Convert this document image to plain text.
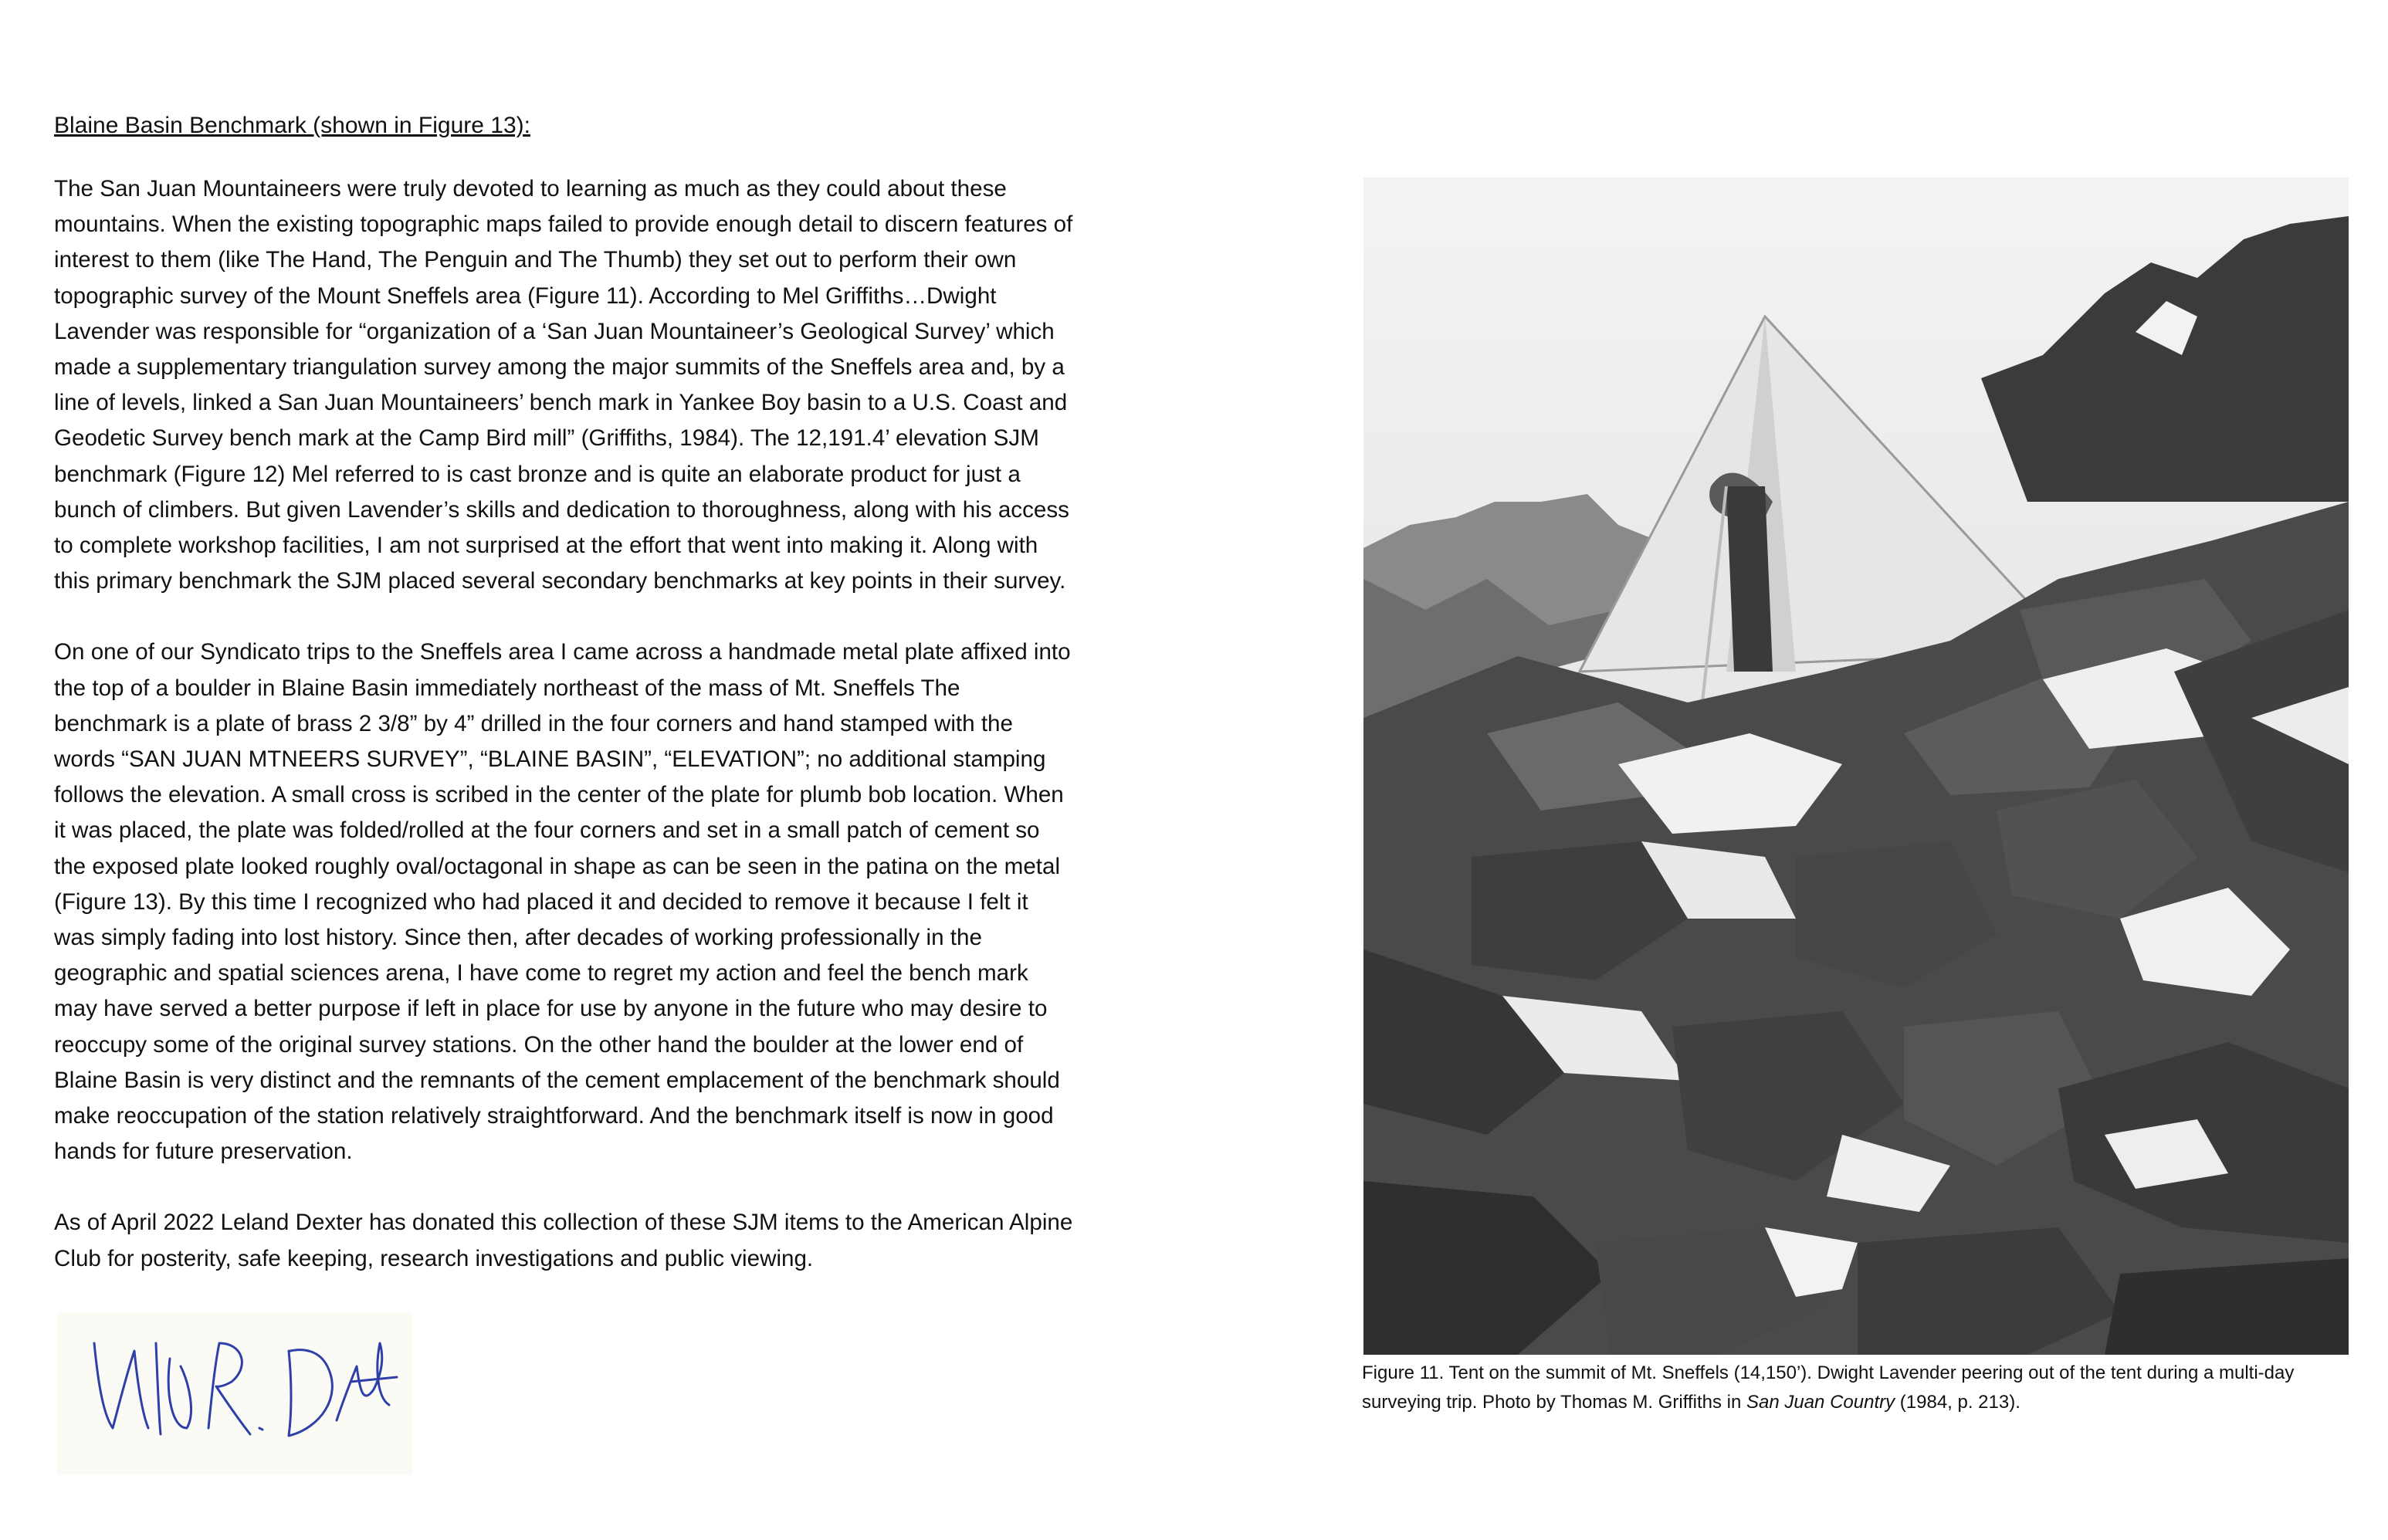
Blaine Basin Benchmark (shown in Figure 13):

The San Juan Mountaineers were truly devoted to learning as much as they could about these mountains. When the existing topographic maps failed to provide enough detail to discern features of interest to them (like The Hand, The Penguin and The Thumb) they set out to perform their own topographic survey of the Mount Sneffels area (Figure 11). According to Mel Griffiths…Dwight Lavender was responsible for “organization of a ‘San Juan Mountaineer’s Geological Survey’ which made a supplementary triangulation survey among the major summits of the Sneffels area and, by a line of levels, linked a San Juan Mountaineers’ bench mark in Yankee Boy basin to a U.S. Coast and Geodetic Survey bench mark at the Camp Bird mill” (Griffiths, 1984). The 12,191.4’ elevation SJM benchmark (Figure 12) Mel referred to is cast bronze and is quite an elaborate product for just a bunch of climbers. But given Lavender’s skills and dedication to thoroughness, along with his access to complete workshop facilities, I am not surprised at the effort that went into making it. Along with this primary benchmark the SJM placed several secondary benchmarks at key points in their survey.

On one of our Syndicato trips to the Sneffels area I came across a handmade metal plate affixed into the top of a boulder in Blaine Basin immediately northeast of the mass of Mt. Sneffels The benchmark is a plate of brass 2 3/8” by 4” drilled in the four corners and hand stamped with the words “SAN JUAN MTNEERS SURVEY”, “BLAINE BASIN”, “ELEVATION”; no additional stamping follows the elevation. A small cross is scribed in the center of the plate for plumb bob location. When it was placed, the plate was folded/rolled at the four corners and set in a small patch of cement so the exposed plate looked roughly oval/octagonal in shape as can be seen in the patina on the metal (Figure 13). By this time I recognized who had placed it and decided to remove it because I felt it was simply fading into lost history. Since then, after decades of working professionally in the geographic and spatial sciences arena, I have come to regret my action and feel the bench mark may have served a better purpose if left in place for use by anyone in the future who may desire to reoccupy some of the original survey stations. On the other hand the boulder at the lower end of Blaine Basin is very distinct and the remnants of the cement emplacement of the benchmark should make reoccupation of the station relatively straightforward. And the benchmark itself is now in good hands for future preservation.

As of April 2022 Leland Dexter has donated this collection of these SJM items to the American Alpine Club for posterity, safe keeping, research investigations and public viewing.

Figure 11. Tent on the summit of Mt. Sneffels (14,150’). Dwight Lavender peering out of the tent during a multi-day surveying trip. Photo by Thomas M. Griffiths in San Juan Country (1984, p. 213).
